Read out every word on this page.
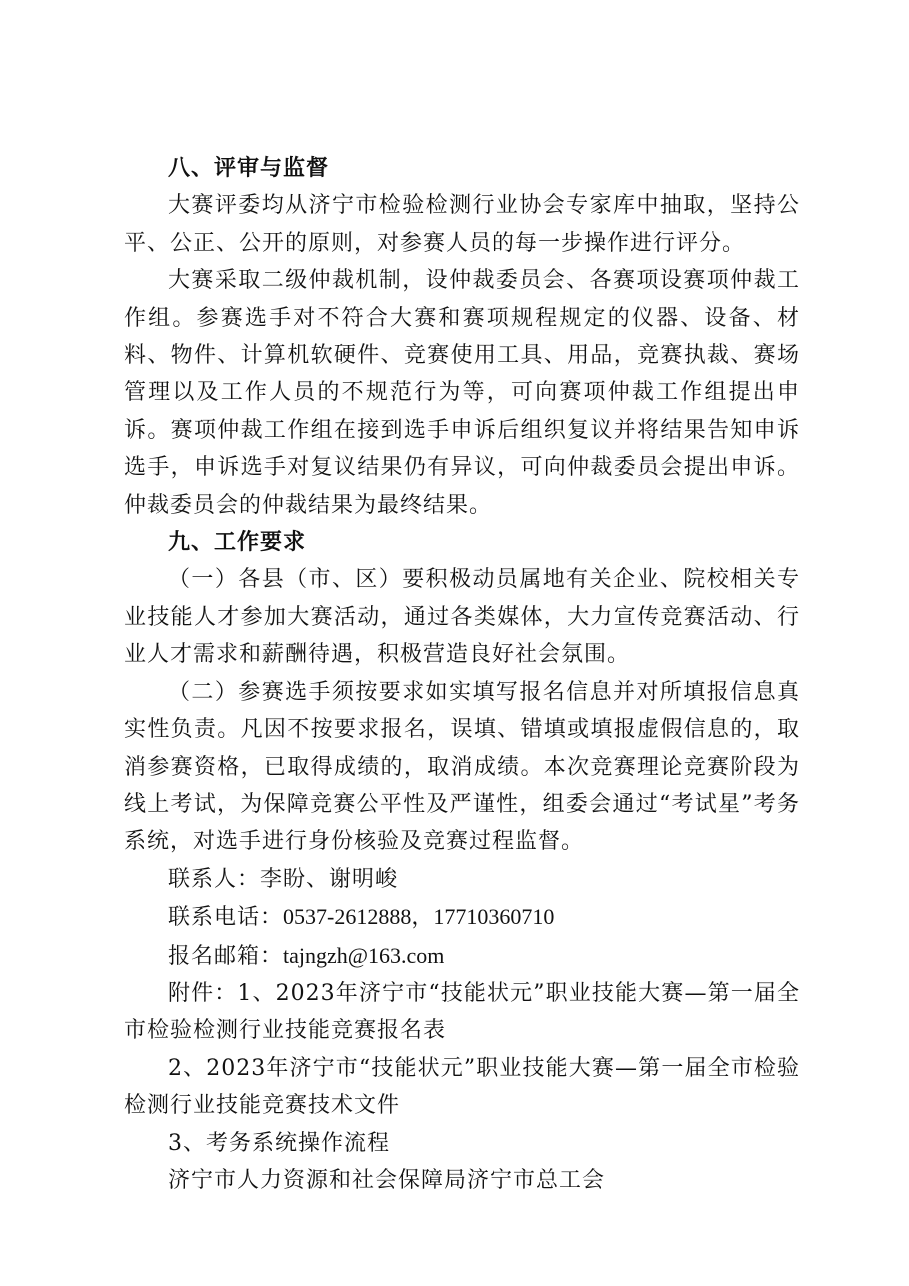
八、评审与监督

大赛评委均从济宁市检验检测行业协会专家库中抽取，坚持公平、公正、公开的原则，对参赛人员的每一步操作进行评分。

大赛采取二级仲裁机制，设仲裁委员会、各赛项设赛项仲裁工作组。参赛选手对不符合大赛和赛项规程规定的仪器、设备、材料、物件、计算机软硬件、竞赛使用工具、用品，竞赛执裁、赛场管理以及工作人员的不规范行为等，可向赛项仲裁工作组提出申诉。赛项仲裁工作组在接到选手申诉后组织复议并将结果告知申诉选手，申诉选手对复议结果仍有异议，可向仲裁委员会提出申诉。仲裁委员会的仲裁结果为最终结果。

九、工作要求

（一）各县（市、区）要积极动员属地有关企业、院校相关专业技能人才参加大赛活动，通过各类媒体，大力宣传竞赛活动、行业人才需求和薪酬待遇，积极营造良好社会氛围。

（二）参赛选手须按要求如实填写报名信息并对所填报信息真实性负责。凡因不按要求报名，误填、错填或填报虚假信息的，取消参赛资格，已取得成绩的，取消成绩。本次竞赛理论竞赛阶段为线上考试，为保障竞赛公平性及严谨性，组委会通过“考试星”考务系统，对选手进行身份核验及竞赛过程监督。

联系人：李盼、谢明峻

联系电话：0537-2612888，17710360710

报名邮箱：tajngzh@163.com

附件：1、2023年济宁市“技能状元”职业技能大赛—第一届全市检验检测行业技能竞赛报名表

2、2023年济宁市“技能状元”职业技能大赛—第一届全市检验检测行业技能竞赛技术文件

3、考务系统操作流程

济宁市人力资源和社会保障局济宁市总工会
